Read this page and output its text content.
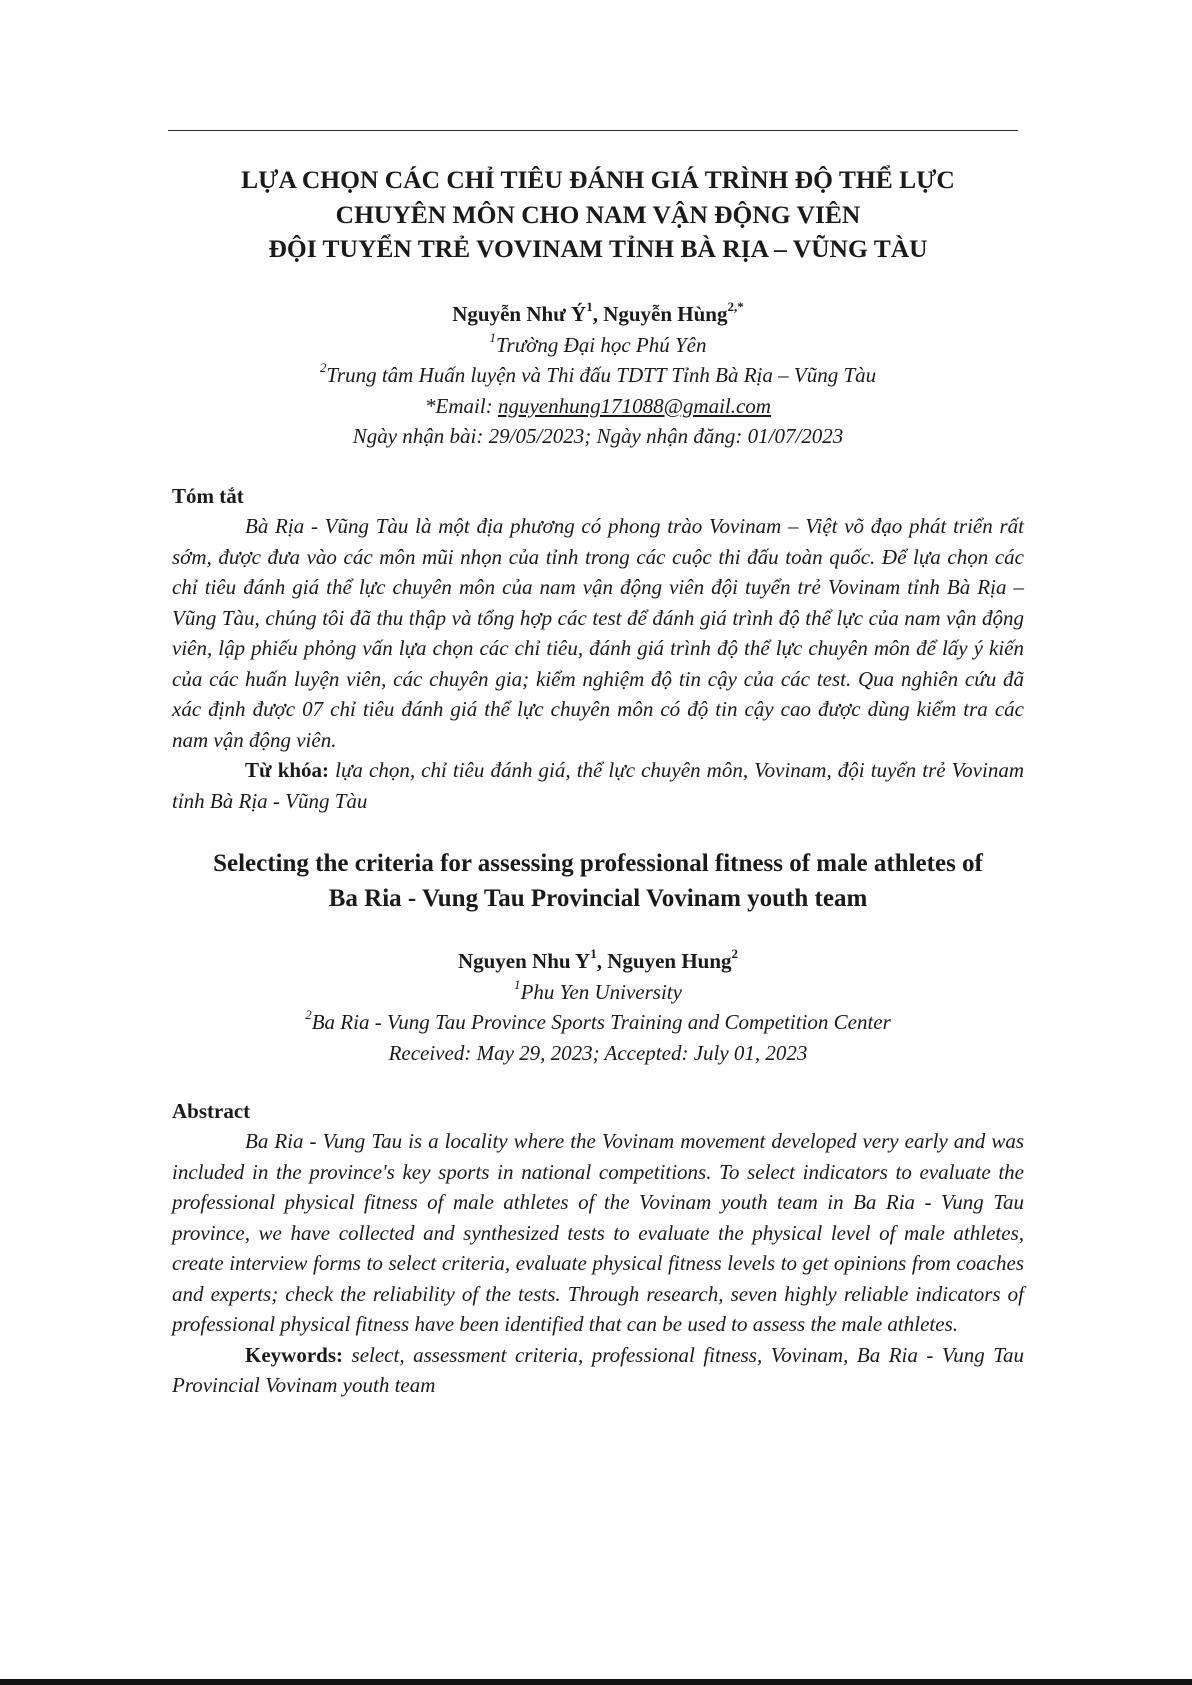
LỰA CHỌN CÁC CHỈ TIÊU ĐÁNH GIÁ TRÌNH ĐỘ THỂ LỰC
CHUYÊN MÔN CHO NAM VẬN ĐỘNG VIÊN
ĐỘI TUYỂN TRẺ VOVINAM TỈNH BÀ RỊA – VŨNG TÀU
Nguyễn Như $Ý^1$, Nguyễn Hùng$^{2,*}$
$^1$Trường Đại học Phú Yên
$^2$Trung tâm Huấn luyện và Thi đấu TDTT Tỉnh Bà Rịa – Vũng Tàu
*Email: nguyenhung171088@gmail.com
Ngày nhận bài: 29/05/2023; Ngày nhận đăng: 01/07/2023
Tóm tắt
Bà Rịa - Vũng Tàu là một địa phương có phong trào Vovinam – Việt võ đạo phát triển rất sớm, được đưa vào các môn mũi nhọn của tỉnh trong các cuộc thi đấu toàn quốc. Để lựa chọn các chỉ tiêu đánh giá thể lực chuyên môn của nam vận động viên đội tuyển trẻ Vovinam tỉnh Bà Rịa – Vũng Tàu, chúng tôi đã thu thập và tổng hợp các test để đánh giá trình độ thể lực của nam vận động viên, lập phiếu phỏng vấn lựa chọn các chỉ tiêu, đánh giá trình độ thể lực chuyên môn để lấy ý kiến của các huấn luyện viên, các chuyên gia; kiểm nghiệm độ tin cậy của các test. Qua nghiên cứu đã xác định được 07 chỉ tiêu đánh giá thể lực chuyên môn có độ tin cậy cao được dùng kiểm tra các nam vận động viên.
Từ khóa: lựa chọn, chỉ tiêu đánh giá, thể lực chuyên môn, Vovinam, đội tuyển trẻ Vovinam tỉnh Bà Rịa - Vũng Tàu
Selecting the criteria for assessing professional fitness of male athletes of
Ba Ria - Vung Tau Provincial Vovinam youth team
Nguyen Nhu $Y^1$, Nguyen Hung$^2$
$^1$Phu Yen University
$^2$Ba Ria - Vung Tau Province Sports Training and Competition Center
Received: May 29, 2023; Accepted: July 01, 2023
Abstract
Ba Ria - Vung Tau is a locality where the Vovinam movement developed very early and was included in the province's key sports in national competitions. To select indicators to evaluate the professional physical fitness of male athletes of the Vovinam youth team in Ba Ria - Vung Tau province, we have collected and synthesized tests to evaluate the physical level of male athletes, create interview forms to select criteria, evaluate physical fitness levels to get opinions from coaches and experts; check the reliability of the tests. Through research, seven highly reliable indicators of professional physical fitness have been identified that can be used to assess the male athletes.
Keywords: select, assessment criteria, professional fitness, Vovinam, Ba Ria - Vung Tau Provincial Vovinam youth team
